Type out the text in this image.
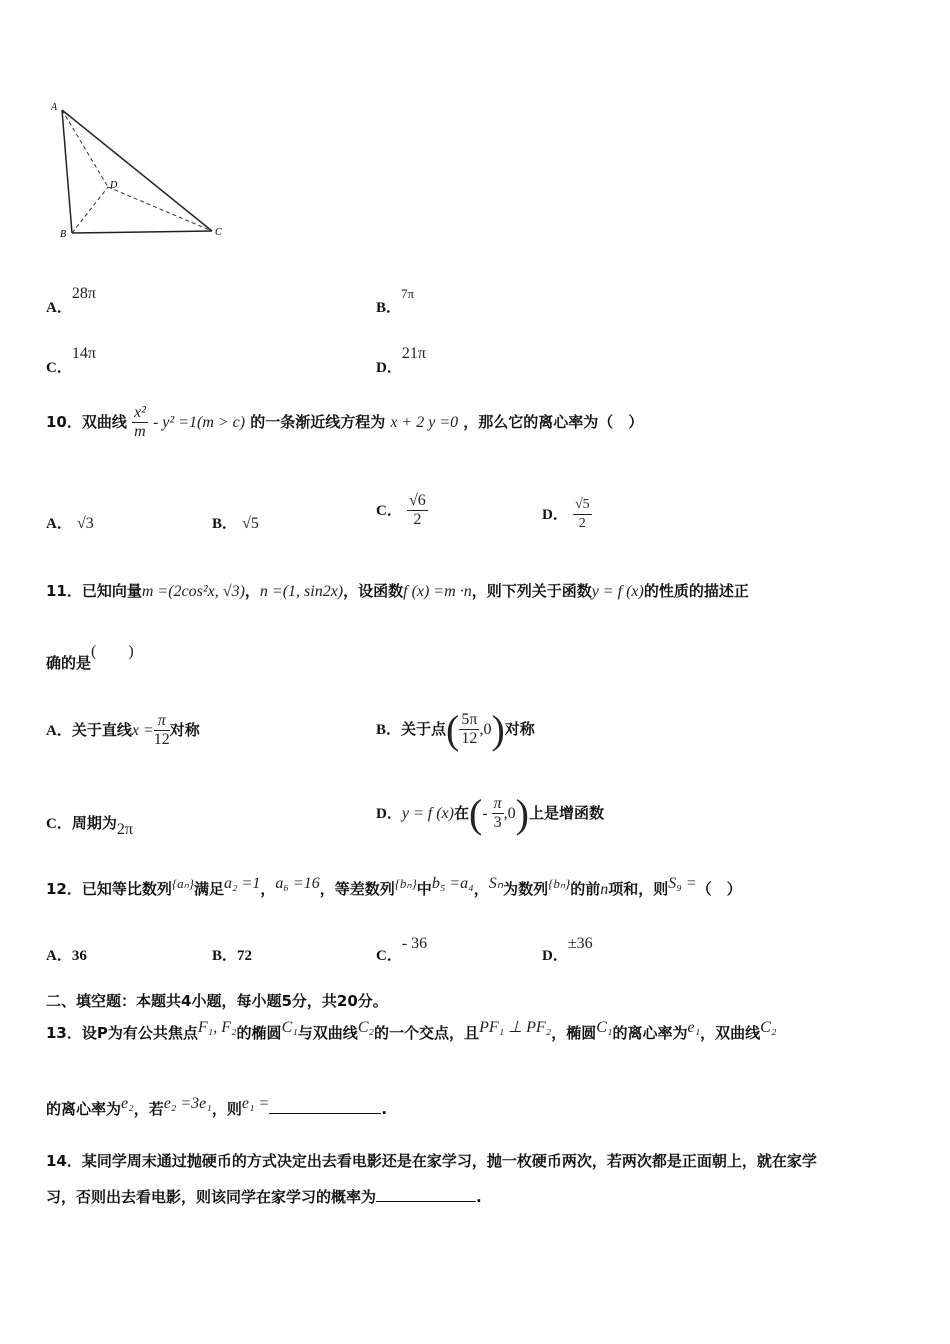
A
B	C
D
A．28π
B．$^{7\pi}$
C．14π
D．21π
10．双曲线 $\frac{\text{x²}}{m} - y^2 =1(m > c)$ 的一条渐近线方程为 x + 2 y =0 ，那么它的离心率为（　）
A． √3	B． √5
C． $\frac{√6}{2}$	D． $\frac{√5}{2}$
11．已知向量m =(2cos²x, √3)，n =(1, sin2x)，设函数f (x) =m ·n，则下列关于函数y = f (x)的性质的描述正
确的是(　　)
A．关于直线$x = \frac{\pi}{12}$ 对称	B．关于点( $\frac{5\pi}{12} ,0$)对称
C．周期为2π
D．y = f (x)在(- $\frac{\pi}{3} ,0$)上是增函数
12．已知等比数列$^{\{a_n\}}$满足a₂ =1，a₆ =16，等差数列$^{\{b_n\}}$中b₅ =a₄，Sₙ为数列$^{\{b_n\}}$的前n项和，则S₉ =（　）
A．36	B．72	C．- 36
D．±36
二、填空题：本题共4小题，每小题5分，共20分。
13．设P为有公共焦点F₁, F₂的椭圆C₁与双曲线C₂的一个交点，且PF₁ ⊥ PF₂，椭圆C₁的离心率为e₁，双曲线C₂
的离心率为e₂，若e₂ =3e₁，则e₁ =	.
14．某同学周末通过抛硬币的方式决定出去看电影还是在家学习，抛一枚硬币两次，若两次都是正面朝上，就在家学
习，否则出去看电影，则该同学在家学习的概率为	.
